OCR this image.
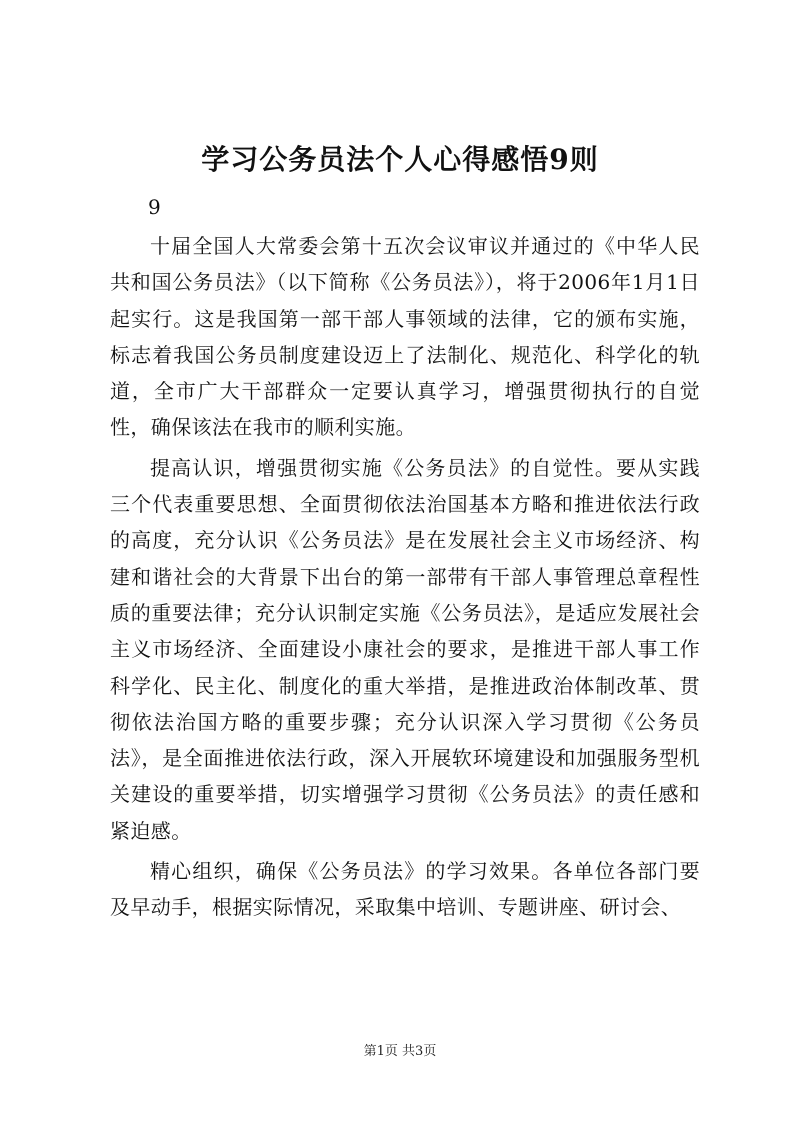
学习公务员法个人心得感悟9则
9

十届全国人大常委会第十五次会议审议并通过的《中华人民共和国公务员法》（以下简称《公务员法》），将于2006年1月1日起实行。这是我国第一部干部人事领域的法律，它的颁布实施，标志着我国公务员制度建设迈上了法制化、规范化、科学化的轨道，全市广大干部群众一定要认真学习，增强贯彻执行的自觉性，确保该法在我市的顺利实施。

提高认识，增强贯彻实施《公务员法》的自觉性。要从实践三个代表重要思想、全面贯彻依法治国基本方略和推进依法行政的高度，充分认识《公务员法》是在发展社会主义市场经济、构建和谐社会的大背景下出台的第一部带有干部人事管理总章程性质的重要法律；充分认识制定实施《公务员法》，是适应发展社会主义市场经济、全面建设小康社会的要求，是推进干部人事工作科学化、民主化、制度化的重大举措，是推进政治体制改革、贯彻依法治国方略的重要步骤；充分认识深入学习贯彻《公务员法》，是全面推进依法行政，深入开展软环境建设和加强服务型机关建设的重要举措，切实增强学习贯彻《公务员法》的责任感和紧迫感。

精心组织，确保《公务员法》的学习效果。各单位各部门要及早动手，根据实际情况，采取集中培训、专题讲座、研讨会、

第1页 共3页
